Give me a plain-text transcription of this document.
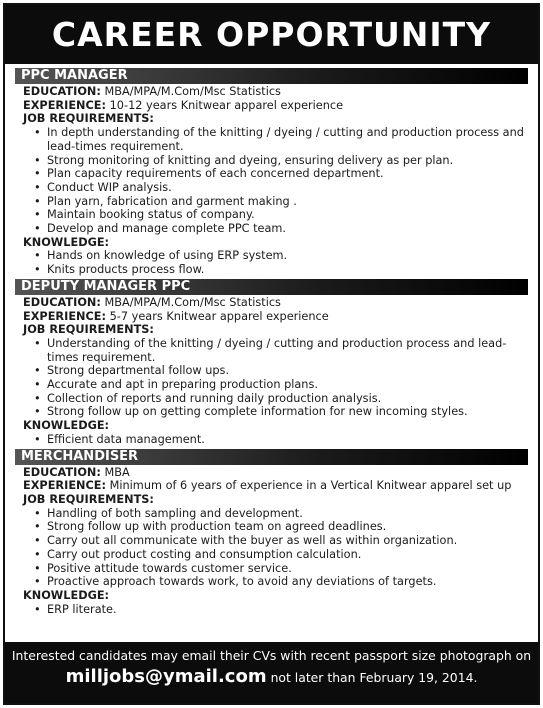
CAREER OPPORTUNITY
PPC MANAGER
EDUCATION: MBA/MPA/M.Com/Msc Statistics
EXPERIENCE: 10-12 years Knitwear apparel experience
JOB REQUIREMENTS:
• In depth understanding of the knitting / dyeing / cutting and production process and lead-times requirement.
• Strong monitoring of knitting and dyeing, ensuring delivery as per plan.
• Plan capacity requirements of each concerned department.
• Conduct WIP analysis.
• Plan yarn, fabrication and garment making .
• Maintain booking status of company.
• Develop and manage complete PPC team.
KNOWLEDGE:
• Hands on knowledge of using ERP system.
• Knits products process flow.
DEPUTY MANAGER PPC
EDUCATION: MBA/MPA/M.Com/Msc Statistics
EXPERIENCE: 5-7 years Knitwear apparel experience
JOB REQUIREMENTS:
• Understanding of the knitting / dyeing / cutting and production process and lead-times requirement.
• Strong departmental follow ups.
• Accurate and apt in preparing production plans.
• Collection of reports and running daily production analysis.
• Strong follow up on getting complete information for new incoming styles.
KNOWLEDGE:
• Efficient data management.
MERCHANDISER
EDUCATION: MBA
EXPERIENCE: Minimum of 6 years of experience in a Vertical Knitwear apparel set up
JOB REQUIREMENTS:
• Handling of both sampling and development.
• Strong follow up with production team on agreed deadlines.
• Carry out all communicate with the buyer as well as within organization.
• Carry out product costing and consumption calculation.
• Positive attitude towards customer service.
• Proactive approach towards work, to avoid any deviations of targets.
KNOWLEDGE:
• ERP literate.
Interested candidates may email their CVs with recent passport size photograph on
milljobs@ymail.com not later than February 19, 2014.
